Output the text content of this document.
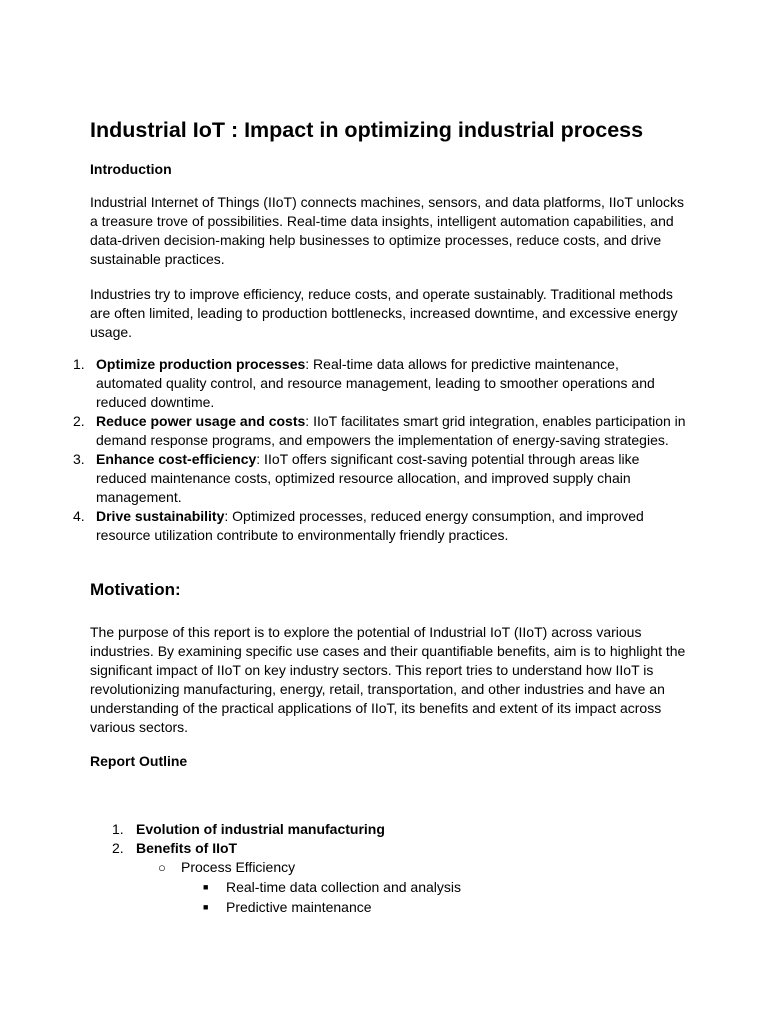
Industrial IoT : Impact in optimizing industrial process
Introduction

Industrial Internet of Things (IIoT) connects machines, sensors, and data platforms, IIoT unlocks
a treasure trove of possibilities. Real-time data insights, intelligent automation capabilities, and
data-driven decision-making help businesses to optimize processes, reduce costs, and drive
sustainable practices.

Industries try to improve efficiency, reduce costs, and operate sustainably. Traditional methods
are often limited, leading to production bottlenecks, increased downtime, and excessive energy
usage.

1. Optimize production processes: Real-time data allows for predictive maintenance,
automated quality control, and resource management, leading to smoother operations and
reduced downtime.
2. Reduce power usage and costs: IIoT facilitates smart grid integration, enables participation in
demand response programs, and empowers the implementation of energy-saving strategies.
3. Enhance cost-efficiency: IIoT offers significant cost-saving potential through areas like
reduced maintenance costs, optimized resource allocation, and improved supply chain
management.
4. Drive sustainability: Optimized processes, reduced energy consumption, and improved
resource utilization contribute to environmentally friendly practices.
Motivation:

The purpose of this report is to explore the potential of Industrial IoT (IIoT) across various
industries. By examining specific use cases and their quantifiable benefits, aim is to highlight the
significant impact of IIoT on key industry sectors. This report tries to understand how IIoT is
revolutionizing manufacturing, energy, retail, transportation, and other industries and have an
understanding of the practical applications of IIoT, its benefits and extent of its impact across
various sectors.

Report Outline
1. Evolution of industrial manufacturing
2. Benefits of IIoT
○ Process Efficiency
■ Real-time data collection and analysis
■ Predictive maintenance
